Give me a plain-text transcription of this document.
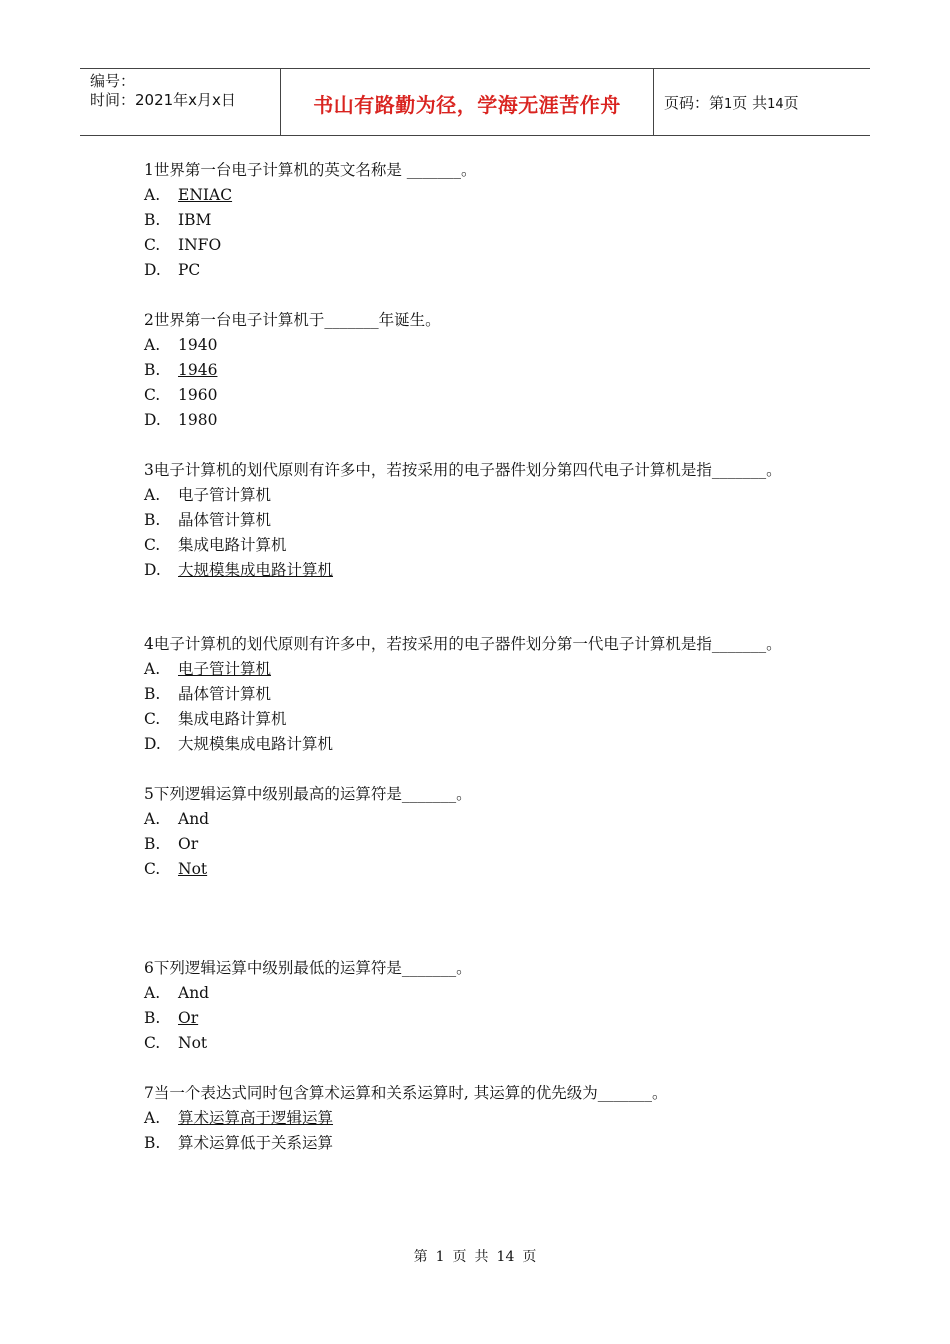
编号：
时间：2021年x月x日	书山有路勤为径，学海无涯苦作舟	页码：第1页 共14页
1世界第一台电子计算机的英文名称是 _______。
A.	ENIAC
B.	IBM
C.	INFO
D.	PC
2世界第一台电子计算机于_______年诞生。
A.	1940
B.	1946
C.	1960
D.	1980
3电子计算机的划代原则有许多中，若按采用的电子器件划分第四代电子计算机是指_______。
A.	电子管计算机
B.	晶体管计算机
C.	集成电路计算机
D.	大规模集成电路计算机
4电子计算机的划代原则有许多中，若按采用的电子器件划分第一代电子计算机是指_______。
A.	电子管计算机
B.	晶体管计算机
C.	集成电路计算机
D.	大规模集成电路计算机
5下列逻辑运算中级别最高的运算符是_______。
A.	And
B.	Or
C.	Not
6下列逻辑运算中级别最低的运算符是_______。
A.	And
B.	Or
C.	Not
7当一个表达式同时包含算术运算和关系运算时, 其运算的优先级为_______。
A.	算术运算高于逻辑运算
B.	算术运算低于关系运算
第 1 页 共 14 页
